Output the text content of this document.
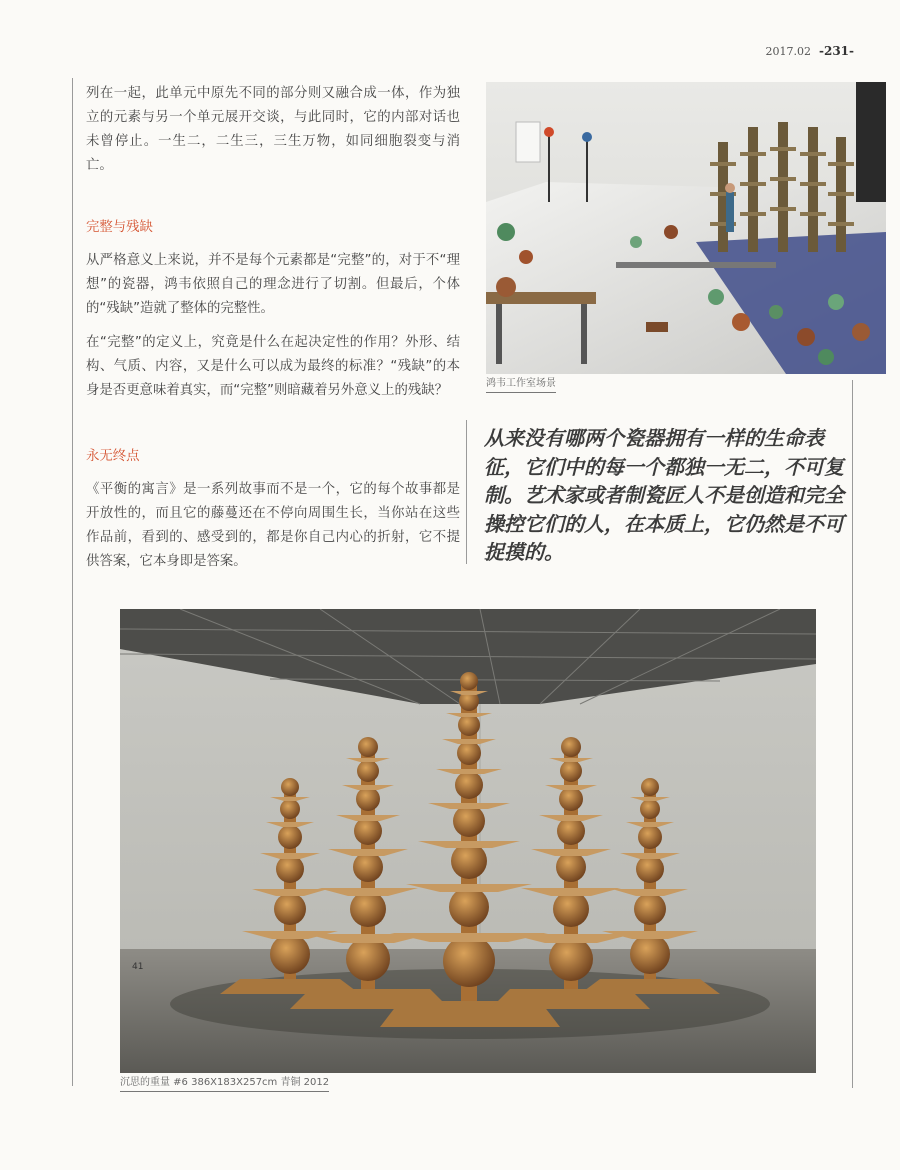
2017.02 -231-

列在一起，此单元中原先不同的部分则又融合成一体，作为独立的元素与另一个单元展开交谈，与此同时，它的内部对话也未曾停止。一生二，二生三，三生万物，如同细胞裂变与消亡。

完整与残缺

从严格意义上来说，并不是每个元素都是“完整”的，对于不“理想”的瓷器，鸿韦依照自己的理念进行了切割。但最后，个体的“残缺”造就了整体的完整性。

在“完整”的定义上，究竟是什么在起决定性的作用？外形、结构、气质、内容，又是什么可以成为最终的标准？“残缺”的本身是否更意味着真实，而“完整”则暗藏着另外意义上的残缺？

永无终点

《平衡的寓言》是一系列故事而不是一个，它的每个故事都是开放性的，而且它的藤蔓还在不停向周围生长，当你站在这些作品前，看到的、感受到的，都是你自己内心的折射，它不提供答案，它本身即是答案。

鸿韦工作室场景
从来没有哪两个瓷器拥有一样的生命表征，它们中的每一个都独一无二，不可复制。艺术家或者制瓷匠人不是创造和完全操控它们的人，在本质上，它仍然是不可捉摸的。
41
沉思的重量 #6 386X183X257cm 青铜 2012
